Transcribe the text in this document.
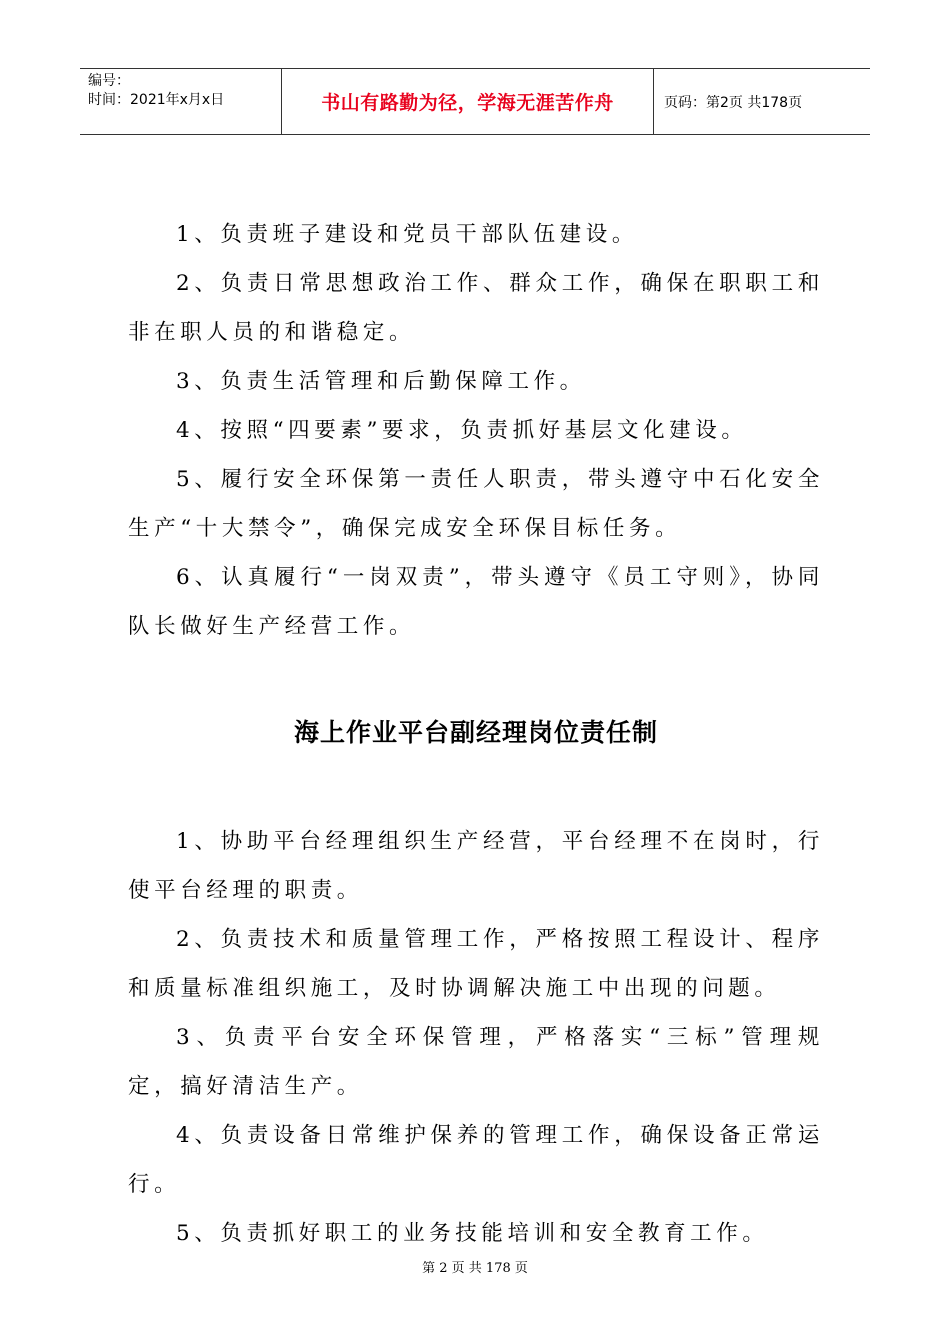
编号：
时间：2021年x月x日	书山有路勤为径，学海无涯苦作舟	页码：第2页 共178页

1、负责班子建设和党员干部队伍建设。

2、负责日常思想政治工作、群众工作，确保在职职工和非在职人员的和谐稳定。

3、负责生活管理和后勤保障工作。

4、按照“四要素”要求，负责抓好基层文化建设。

5、履行安全环保第一责任人职责，带头遵守中石化安全生产“十大禁令”，确保完成安全环保目标任务。

6、认真履行“一岗双责”，带头遵守《员工守则》，协同队长做好生产经营工作。

海上作业平台副经理岗位责任制

1、协助平台经理组织生产经营，平台经理不在岗时，行使平台经理的职责。

2、负责技术和质量管理工作，严格按照工程设计、程序和质量标准组织施工，及时协调解决施工中出现的问题。

3、负责平台安全环保管理，严格落实“三标”管理规定，搞好清洁生产。

4、负责设备日常维护保养的管理工作，确保设备正常运行。

5、负责抓好职工的业务技能培训和安全教育工作。

第 2 页 共 178 页
